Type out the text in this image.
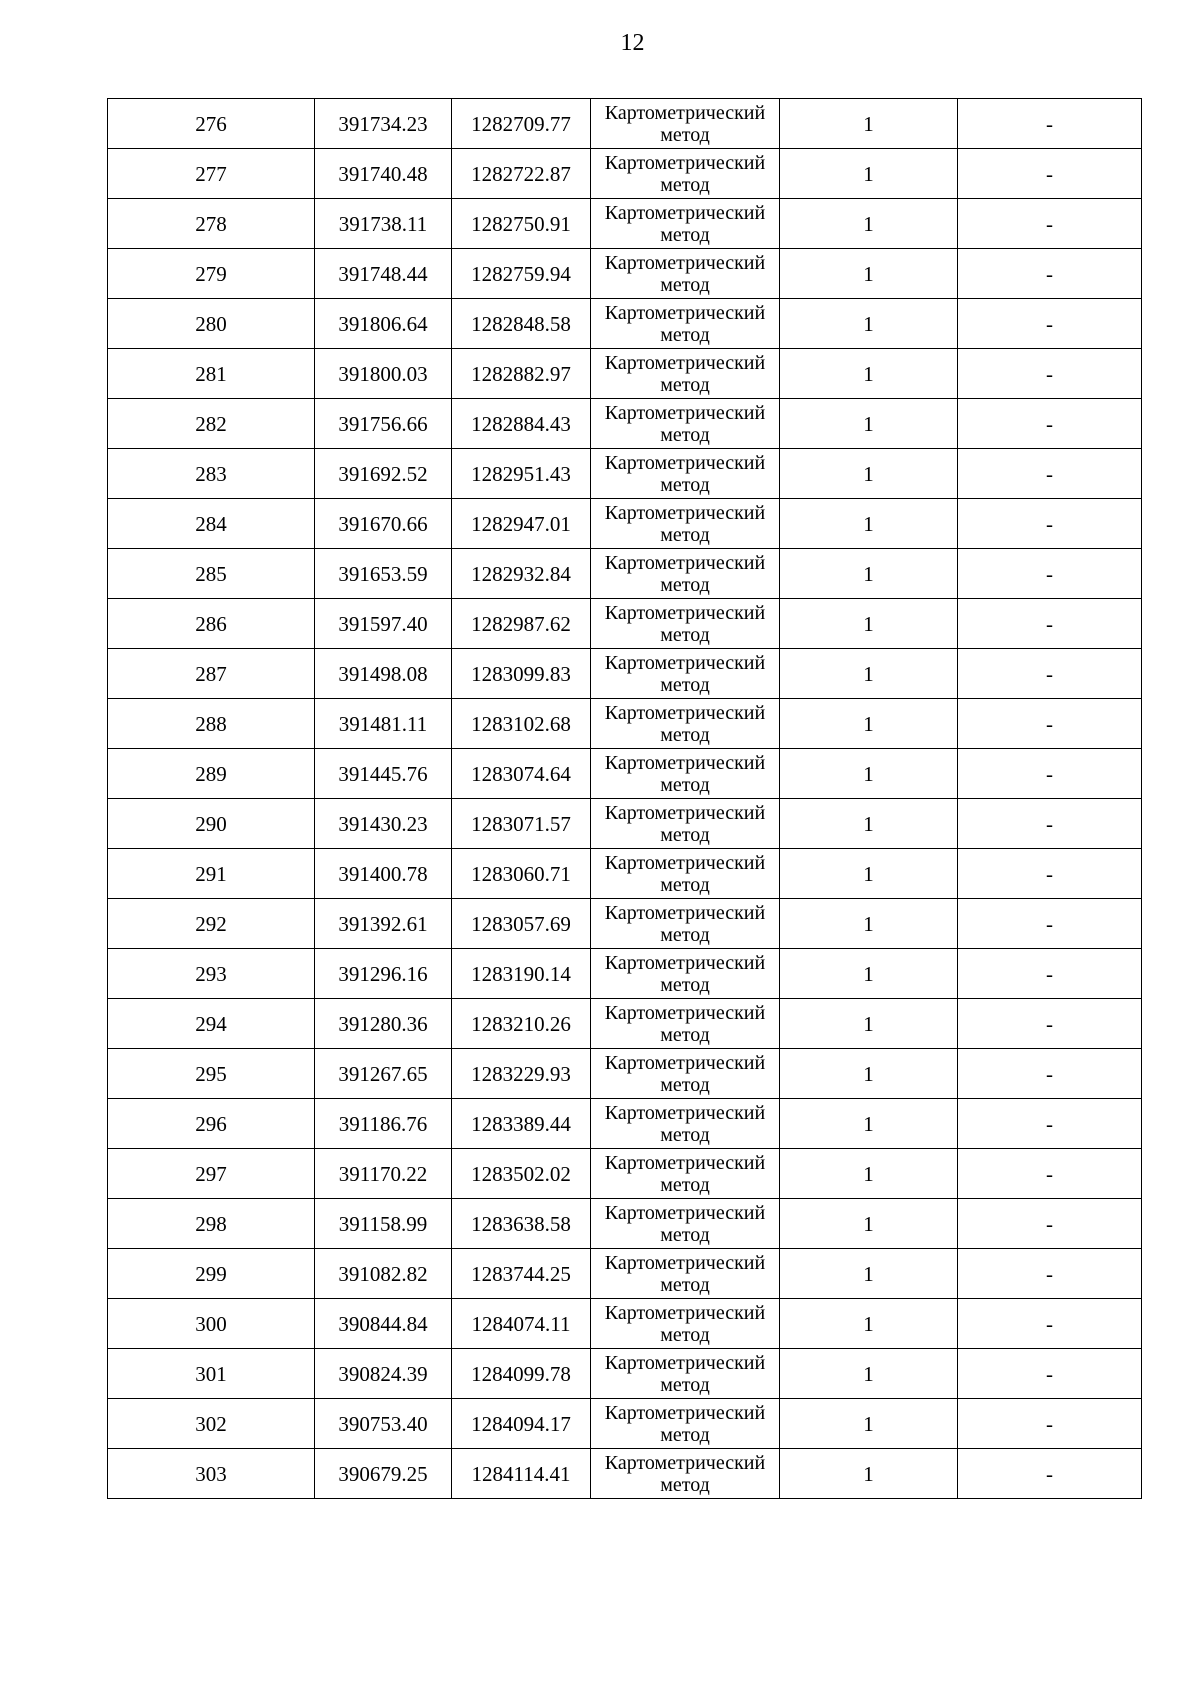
12
276	391734.23	1282709.77	Картометрический метод	1	-
277	391740.48	1282722.87	Картометрический метод	1	-
278	391738.11	1282750.91	Картометрический метод	1	-
279	391748.44	1282759.94	Картометрический метод	1	-
280	391806.64	1282848.58	Картометрический метод	1	-
281	391800.03	1282882.97	Картометрический метод	1	-
282	391756.66	1282884.43	Картометрический метод	1	-
283	391692.52	1282951.43	Картометрический метод	1	-
284	391670.66	1282947.01	Картометрический метод	1	-
285	391653.59	1282932.84	Картометрический метод	1	-
286	391597.40	1282987.62	Картометрический метод	1	-
287	391498.08	1283099.83	Картометрический метод	1	-
288	391481.11	1283102.68	Картометрический метод	1	-
289	391445.76	1283074.64	Картометрический метод	1	-
290	391430.23	1283071.57	Картометрический метод	1	-
291	391400.78	1283060.71	Картометрический метод	1	-
292	391392.61	1283057.69	Картометрический метод	1	-
293	391296.16	1283190.14	Картометрический метод	1	-
294	391280.36	1283210.26	Картометрический метод	1	-
295	391267.65	1283229.93	Картометрический метод	1	-
296	391186.76	1283389.44	Картометрический метод	1	-
297	391170.22	1283502.02	Картометрический метод	1	-
298	391158.99	1283638.58	Картометрический метод	1	-
299	391082.82	1283744.25	Картометрический метод	1	-
300	390844.84	1284074.11	Картометрический метод	1	-
301	390824.39	1284099.78	Картометрический метод	1	-
302	390753.40	1284094.17	Картометрический метод	1	-
303	390679.25	1284114.41	Картометрический метод	1	-
